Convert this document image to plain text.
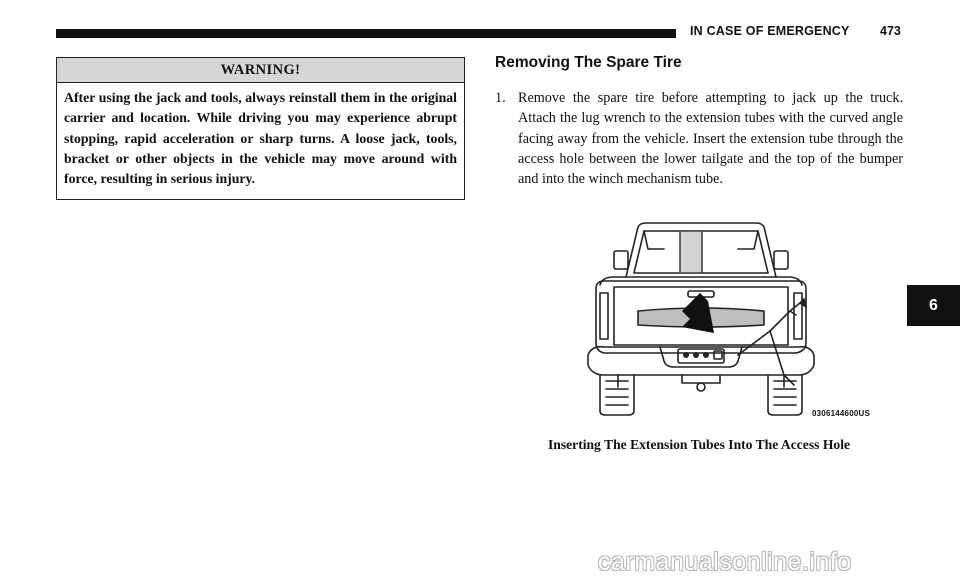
IN CASE OF EMERGENCY 473
WARNING!
After using the jack and tools, always reinstall them in the original carrier and location. While driving you may experience abrupt stopping, rapid acceleration or sharp turns. A loose jack, tools, bracket or other objects in the vehicle may move around with force, resulting in serious injury.
Removing The Spare Tire
1. Remove the spare tire before attempting to jack up the truck. Attach the lug wrench to the extension tubes with the curved angle facing away from the vehicle. Insert the extension tube through the access hole between the lower tailgate and the top of the bumper and into the winch mechanism tube.
0306144600US
Inserting The Extension Tubes Into The Access Hole
6
carmanualsonline.info
